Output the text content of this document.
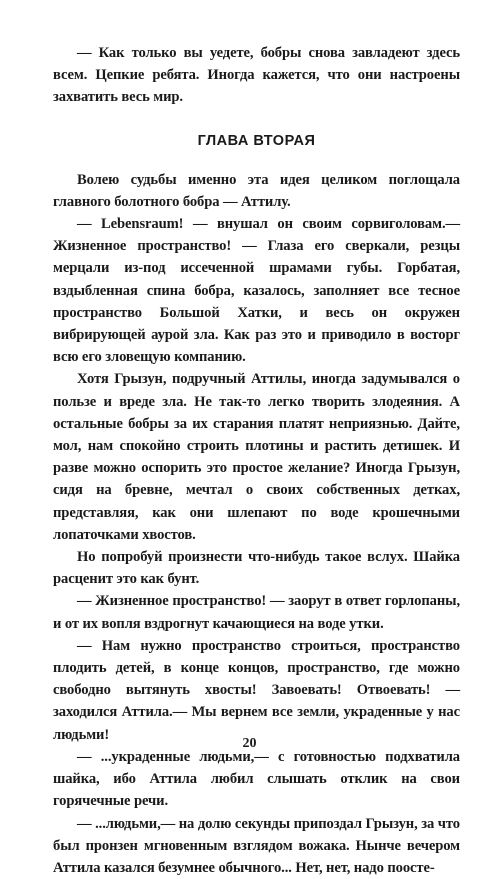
— Как только вы уедете, бобры снова завладеют здесь всем. Цепкие ребята. Иногда кажется, что они настроены захватить весь мир.

ГЛАВА ВТОРАЯ

Волею судьбы именно эта идея целиком поглощала главного болотного бобра — Аттилу.

— Lebensraum! — внушал он своим сорвиголовам.— Жизненное пространство! — Глаза его сверкали, резцы мерцали из-под иссеченной шрамами губы. Горбатая, вздыбленная спина бобра, казалось, заполняет все тесное пространство Большой Хатки, и весь он окружен вибрирующей аурой зла. Как раз это и приводило в восторг всю его зловещую компанию.

Хотя Грызун, подручный Аттилы, иногда задумывался о пользе и вреде зла. Не так-то легко творить злодеяния. А остальные бобры за их старания платят неприязнью. Дайте, мол, нам спокойно строить плотины и растить детишек. И разве можно оспорить это простое желание? Иногда Грызун, сидя на бревне, мечтал о своих собственных детках, представляя, как они шлепают по воде крошечными лопаточками хвостов.

Но попробуй произнести что-нибудь такое вслух. Шайка расценит это как бунт.

— Жизненное пространство! — заорут в ответ горлопаны, и от их вопля вздрогнут качающиеся на воде утки.

— Нам нужно пространство строиться, пространство плодить детей, в конце концов, пространство, где можно свободно вытянуть хвосты! Завоевать! Отвоевать! — заходился Аттила.— Мы вернем все земли, украденные у нас людьми!

— ...украденные людьми,— с готовностью подхватила шайка, ибо Аттила любил слышать отклик на свои горячечные речи.

— ...людьми,— на долю секунды припоздал Грызун, за что был пронзен мгновенным взглядом вожака. Нынче вечером Аттила казался безумнее обычного... Нет, нет, надо поосте-

20
